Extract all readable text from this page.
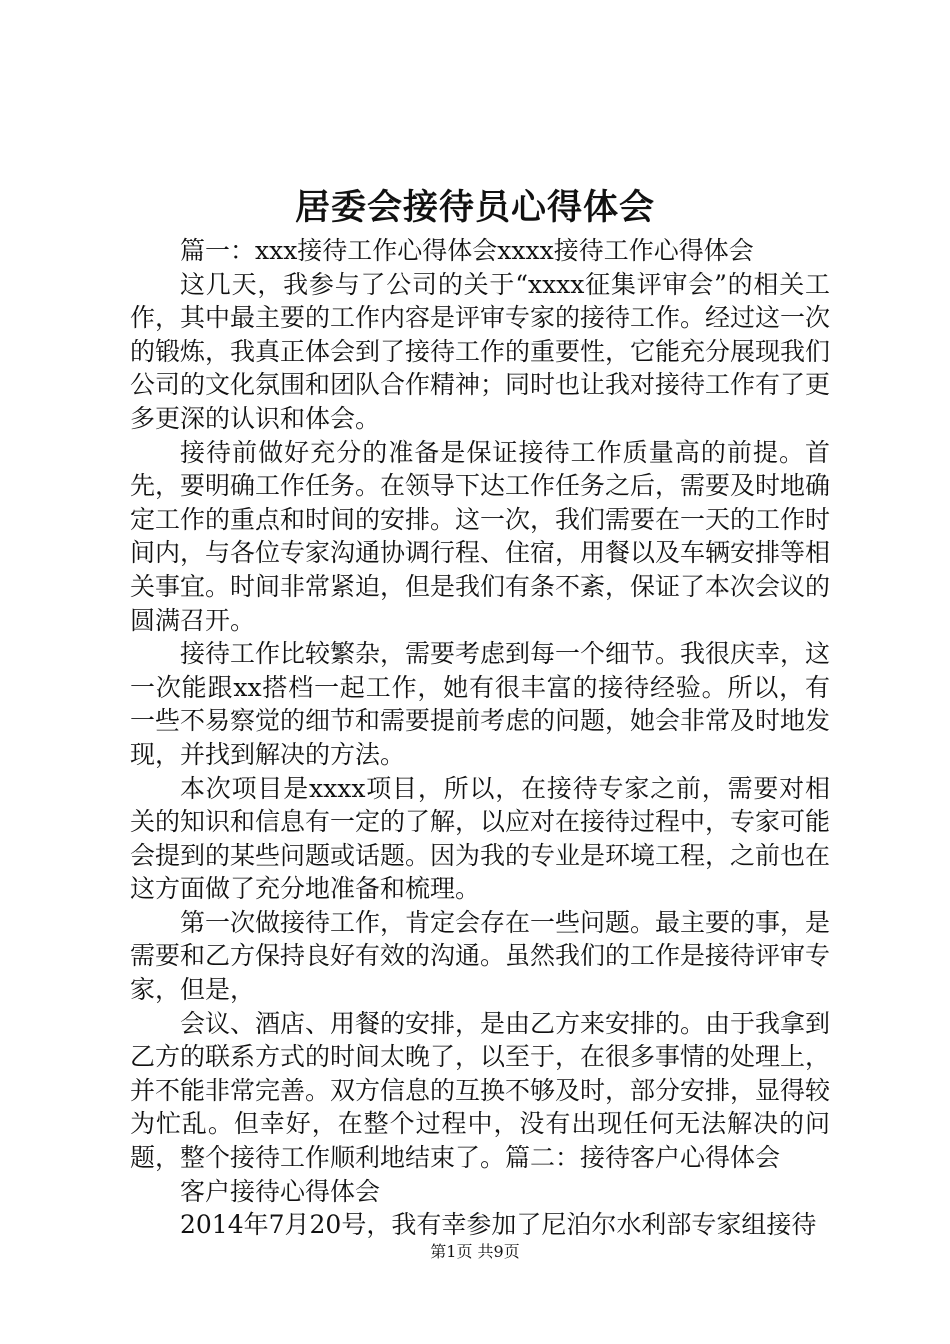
居委会接待员心得体会

篇一：xxx接待工作心得体会xxxx接待工作心得体会

这几天，我参与了公司的关于“xxxx征集评审会”的相关工作，其中最主要的工作内容是评审专家的接待工作。经过这一次的锻炼，我真正体会到了接待工作的重要性，它能充分展现我们公司的文化氛围和团队合作精神；同时也让我对接待工作有了更多更深的认识和体会。

接待前做好充分的准备是保证接待工作质量高的前提。首先，要明确工作任务。在领导下达工作任务之后，需要及时地确定工作的重点和时间的安排。这一次，我们需要在一天的工作时间内，与各位专家沟通协调行程、住宿，用餐以及车辆安排等相关事宜。时间非常紧迫，但是我们有条不紊，保证了本次会议的圆满召开。

接待工作比较繁杂，需要考虑到每一个细节。我很庆幸，这一次能跟xx搭档一起工作，她有很丰富的接待经验。所以，有一些不易察觉的细节和需要提前考虑的问题，她会非常及时地发现，并找到解决的方法。

本次项目是xxxx项目，所以，在接待专家之前，需要对相关的知识和信息有一定的了解，以应对在接待过程中，专家可能会提到的某些问题或话题。因为我的专业是环境工程，之前也在这方面做了充分地准备和梳理。

第一次做接待工作，肯定会存在一些问题。最主要的事，是需要和乙方保持良好有效的沟通。虽然我们的工作是接待评审专家，但是，

会议、酒店、用餐的安排，是由乙方来安排的。由于我拿到乙方的联系方式的时间太晚了，以至于，在很多事情的处理上，并不能非常完善。双方信息的互换不够及时，部分安排，显得较为忙乱。但幸好，在整个过程中，没有出现任何无法解决的问题，整个接待工作顺利地结束了。篇二：接待客户心得体会

客户接待心得体会

2014年7月20号，我有幸参加了尼泊尔水利部专家组接待

第1页 共9页
